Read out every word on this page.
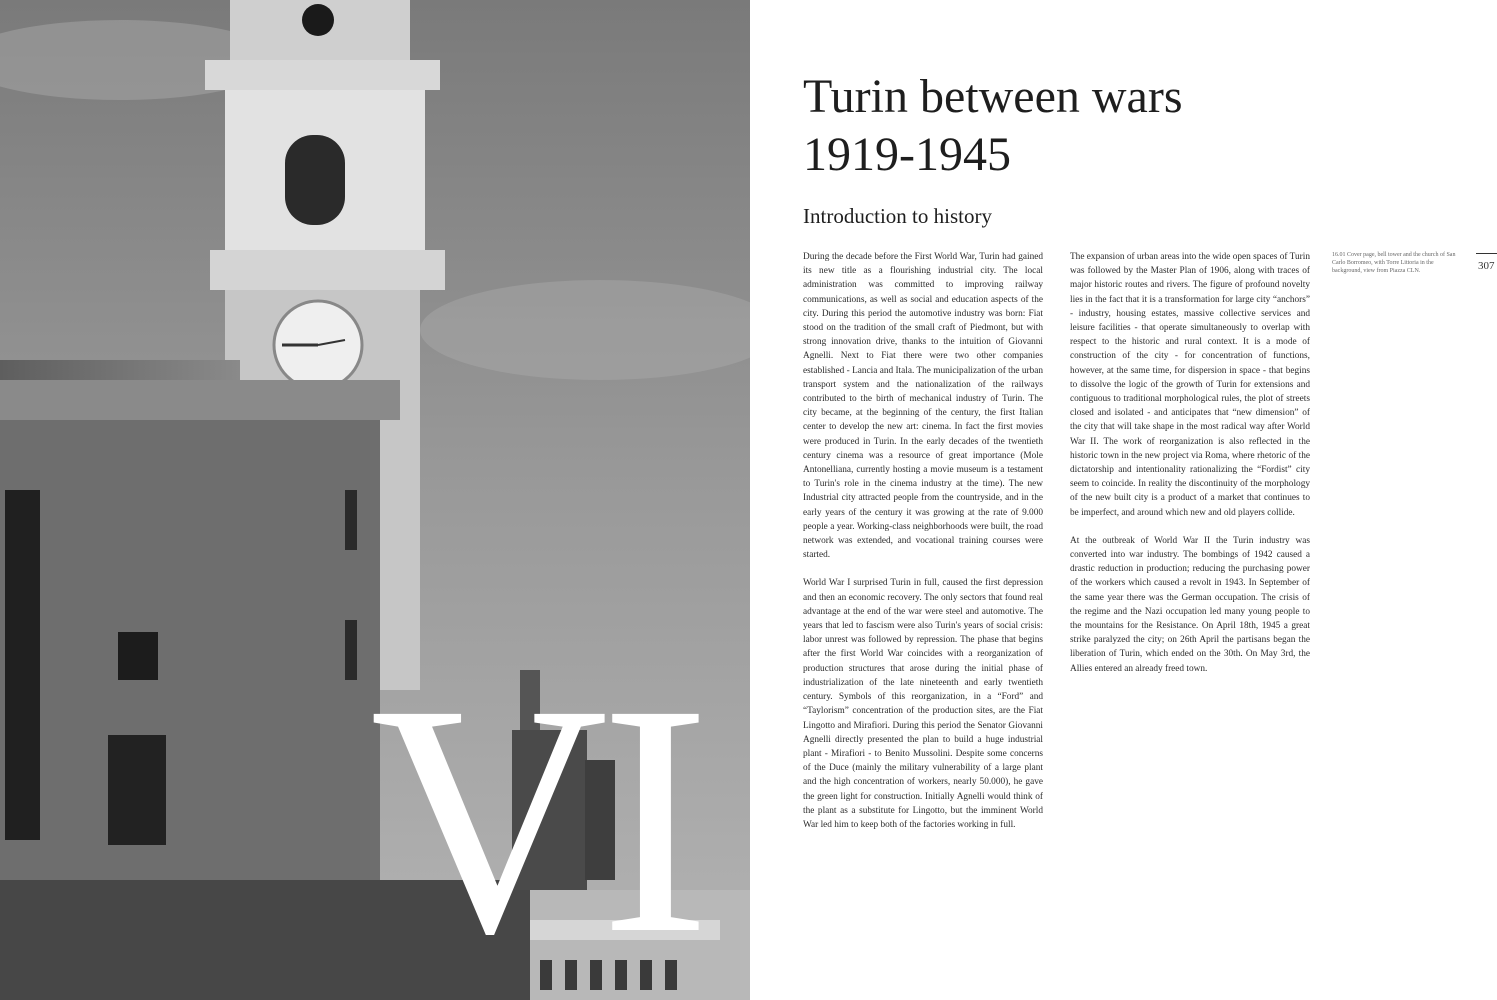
VI
Turin between wars
1919-1945
Introduction to history

During the decade before the First World War, Turin had gained its new title as a flourishing industrial city. The local administration was committed to improving railway communications, as well as social and education aspects of the city. During this period the automotive industry was born: Fiat stood on the tradition of the small craft of Piedmont, but with strong innovation drive, thanks to the intuition of Giovanni Agnelli. Next to Fiat there were two other companies established - Lancia and Itala. The municipalization of the urban transport system and the nationalization of the railways contributed to the birth of mechanical industry of Turin. The city became, at the beginning of the century, the first Italian center to develop the new art: cinema. In fact the first movies were produced in Turin. In the early decades of the twentieth century cinema was a resource of great importance (Mole Antonelliana, currently hosting a movie museum is a testament to Turin's role in the cinema industry at the time). The new Industrial city attracted people from the countryside, and in the early years of the century it was growing at the rate of 9.000 people a year. Working-class neighborhoods were built, the road network was extended, and vocational training courses were started.

World War I surprised Turin in full, caused the first depression and then an economic recovery. The only sectors that found real advantage at the end of the war were steel and automotive. The years that led to fascism were also Turin's years of social crisis: labor unrest was followed by repression. The phase that begins after the first World War coincides with a reorganization of production structures that arose during the initial phase of industrialization of the late nineteenth and early twentieth century. Symbols of this reorganization, in a “Ford” and “Taylorism” concentration of the production sites, are the Fiat Lingotto and Mirafiori. During this period the Senator Giovanni Agnelli directly presented the plan to build a huge industrial plant - Mirafiori - to Benito Mussolini. Despite some concerns of the Duce (mainly the military vulnerability of a large plant and the high concentration of workers, nearly 50.000), he gave the green light for construction. Initially Agnelli would think of the plant as a substitute for Lingotto, but the imminent World War led him to keep both of the factories working in full.

The expansion of urban areas into the wide open spaces of Turin was followed by the Master Plan of 1906, along with traces of major historic routes and rivers. The figure of profound novelty lies in the fact that it is a transformation for large city “anchors” - industry, housing estates, massive collective services and leisure facilities - that operate simultaneously to overlap with respect to the historic and rural context. It is a mode of construction of the city - for concentration of functions, however, at the same time, for dispersion in space - that begins to dissolve the logic of the growth of Turin for extensions and contiguous to traditional morphological rules, the plot of streets closed and isolated - and anticipates that “new dimension” of the city that will take shape in the most radical way after World War II. The work of reorganization is also reflected in the historic town in the new project via Roma, where rhetoric of the dictatorship and intentionality rationalizing the “Fordist” city seem to coincide. In reality the discontinuity of the morphology of the new built city is a product of a market that continues to be imperfect, and around which new and old players collide.

At the outbreak of World War II the Turin industry was converted into war industry. The bombings of 1942 caused a drastic reduction in production; reducing the purchasing power of the workers which caused a revolt in 1943. In September of the same year there was the German occupation. The crisis of the regime and the Nazi occupation led many young people to the mountains for the Resistance. On April 18th, 1945 a great strike paralyzed the city; on 26th April the partisans began the liberation of Turin, which ended on the 30th. On May 3rd, the Allies entered an already freed town.

16.01 Cover page, bell tower and the church of San Carlo Borromeo, with Torre Littoria in the background, view from Piazza CLN.	307
